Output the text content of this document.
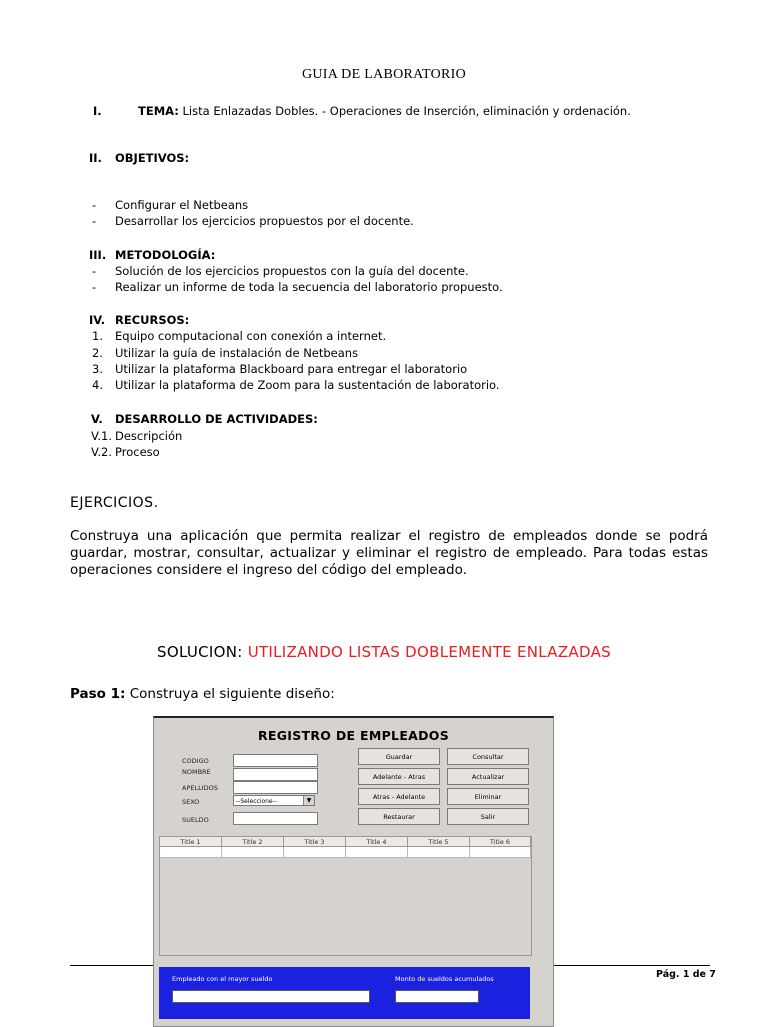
GUIA DE LABORATORIO
I.	TEMA: Lista Enlazadas Dobles. - Operaciones de Inserción, eliminación y ordenación.
II. OBJETIVOS:
- Configurar el Netbeans
- Desarrollar los ejercicios propuestos por el docente.
III. METODOLOGÍA:
- Solución de los ejercicios propuestos con la guía del docente.
- Realizar un informe de toda la secuencia del laboratorio propuesto.
IV. RECURSOS:
1. Equipo computacional con conexión a internet.
2. Utilizar la guía de instalación de Netbeans
3. Utilizar la plataforma Blackboard para entregar el laboratorio
4. Utilizar la plataforma de Zoom para la sustentación de laboratorio.
V. DESARROLLO DE ACTIVIDADES:
V.1. Descripción
V.2. Proceso
EJERCICIOS.
Construya una aplicación que permita realizar el registro de empleados donde se podrá guardar, mostrar, consultar, actualizar y eliminar el registro de empleado. Para todas estas operaciones considere el ingreso del código del empleado.
SOLUCION: UTILIZANDO LISTAS DOBLEMENTE ENLAZADAS
Paso 1: Construya el siguiente diseño:
Pág. 1 de 7
REGISTRO DE EMPLEADOS
CODIGO
NOMBRE
APELLIDOS
SEXO
SUELDO
--Seleccione--	▼
Guardar	Consultar
Adelante - Atras	Actualizar
Atras - Adelante	Eliminar
Restaurar	Salir
Title 1	Title 2	Title 3	Title 4	Title 5	Title 6
Empleado con el mayor sueldo	Monto de sueldos acumulados
